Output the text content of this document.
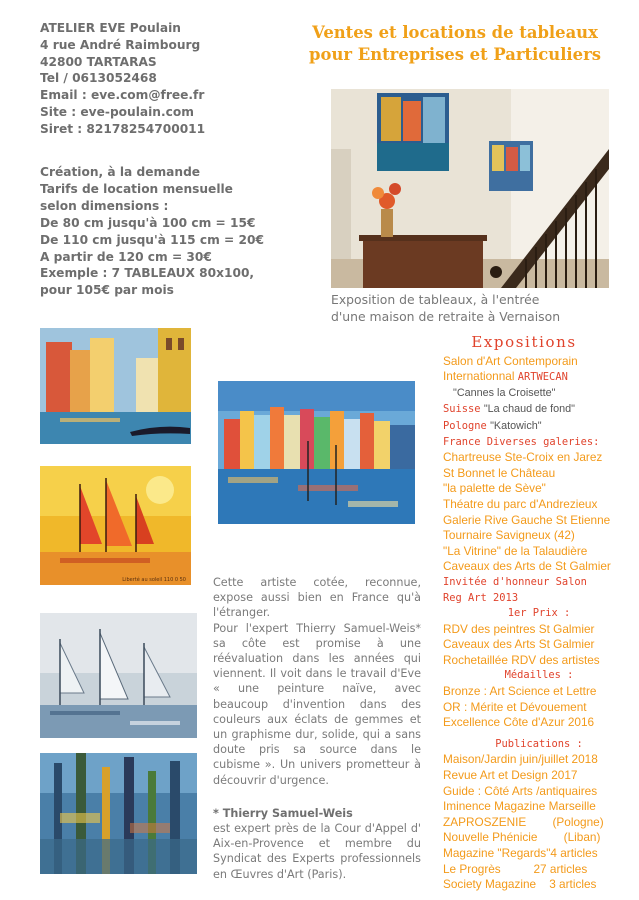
ATELIER EVE Poulain
4 rue André Raimbourg
42800 TARTARAS
Tel / 0613052468
Email : eve.com@free.fr
Site : eve-poulain.com
Siret : 82178254700011
Création, à la demande
Tarifs de location mensuelle
selon dimensions :
De 80 cm jusqu'à 100 cm = 15€
De 110 cm jusqu'à 115 cm = 20€
A partir de 120 cm = 30€
Exemple : 7 TABLEAUX 80x100,
pour 105€ par mois
Ventes et locations de tableaux
pour Entreprises et Particuliers
Exposition de tableaux, à l'entrée
d'une maison de retraite à Vernaison
Liberté au soleil 110 0 50 Cette artiste cotée, reconnue, expose aussi bien en France qu'à l'étranger.

Pour l'expert Thierry Samuel-Weis* sa côte est promise à une réévaluation dans les années qui viennent. Il voit dans le travail d'Eve « une peinture naïve, avec beaucoup d'invention dans des couleurs aux éclats de gemmes et un graphisme dur, solide, qui a sans doute pris sa source dans le cubisme ». Un univers prometteur à découvrir d'urgence.

* Thierry Samuel-Weis

est expert près de la Cour d'Appel d' Aix-en-Provence et membre du Syndicat des Experts professionnels en Œuvres d'Art (Paris).

Expositions
Salon d'Art Contemporain
Internationnal ARTWECAN
"Cannes la Croisette"
Suisse "La chaud de fond"
Pologne "Katowich"
France Diverses galeries:
Chartreuse Ste-Croix en Jarez
St Bonnet le Château
"la palette de Sève"
Théatre du parc d'Andrezieux
Galerie Rive Gauche St Etienne
Tournaire Savigneux (42)
"La Vitrine" de la Talaudière
Caveaux des Arts de St Galmier
Invitée d'honneur Salon
Reg Art 2013
1er Prix :
RDV des peintres St Galmier
Caveaux des Arts St Galmier
Rochetaillée RDV des artistes
Médailles :
Bronze : Art Science et Lettre
OR : Mérite et Dévouement
Excellence Côte d'Azur 2016
Publications :
Maison/Jardin juin/juillet 2018
Revue Art et Design 2017
Guide : Côté Arts /antiquaires
Iminence Magazine Marseille
ZAPROSZENIE        (Pologne)
Nouvelle Phénicie        (Liban)
Magazine "Regards"4 articles
Le Progrès          27 articles
Society Magazine    3 articles
